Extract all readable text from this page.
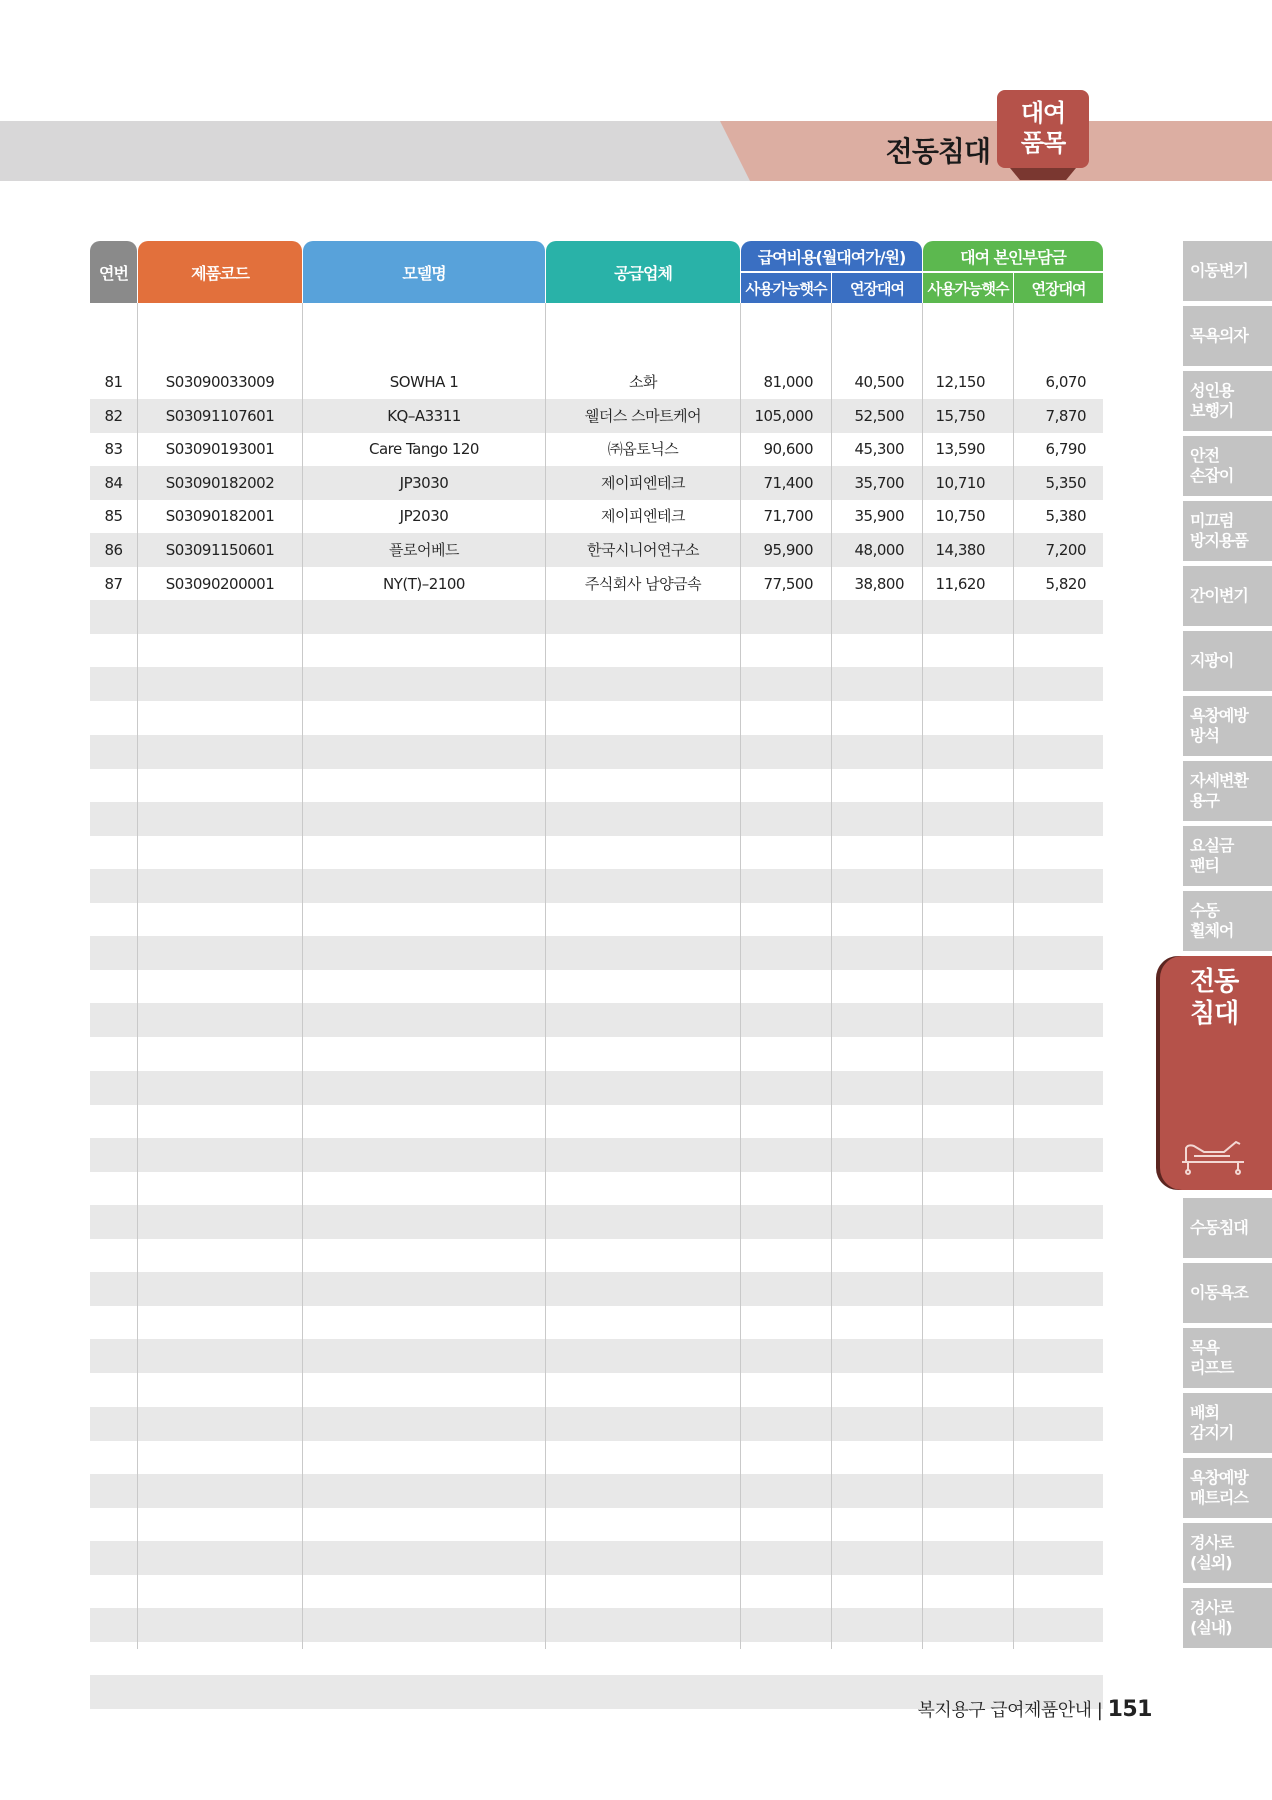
전동침대
대여
품목
연번	제품코드	모델명	공급업체
급여비용(월대여가/원)	대여 본인부담금
사용가능햇수	연장대여	사용가능햇수	연장대여
81	S03090033009	SOWHA 1	소화	81,000	40,500	12,150	6,070
82	S03091107601	KQ–A3311	웰더스 스마트케어	105,000	52,500	15,750	7,870
83	S03090193001	Care Tango 120	㈜옵토닉스	90,600	45,300	13,590	6,790
84	S03090182002	JP3030	제이피엔테크	71,400	35,700	10,710	5,350
85	S03090182001	JP2030	제이피엔테크	71,700	35,900	10,750	5,380
86	S03091150601	플로어베드	한국시니어연구소	95,900	48,000	14,380	7,200
87	S03090200001	NY(T)–2100	주식회사 남양금속	77,500	38,800	11,620	5,820
이동변기
목욕의자
성인용
보행기
안전
손잡이
미끄럼
방지용품
간이변기
지팡이
욕창예방
방석
자세변환
용구
요실금
팬티
수동
휠체어
수동침대
이동욕조
목욕
리프트
배회
감지기
욕창예방
매트리스
경사로
(실외)
경사로
(실내)
전동
침대
복지용구 급여제품안내 | 151
